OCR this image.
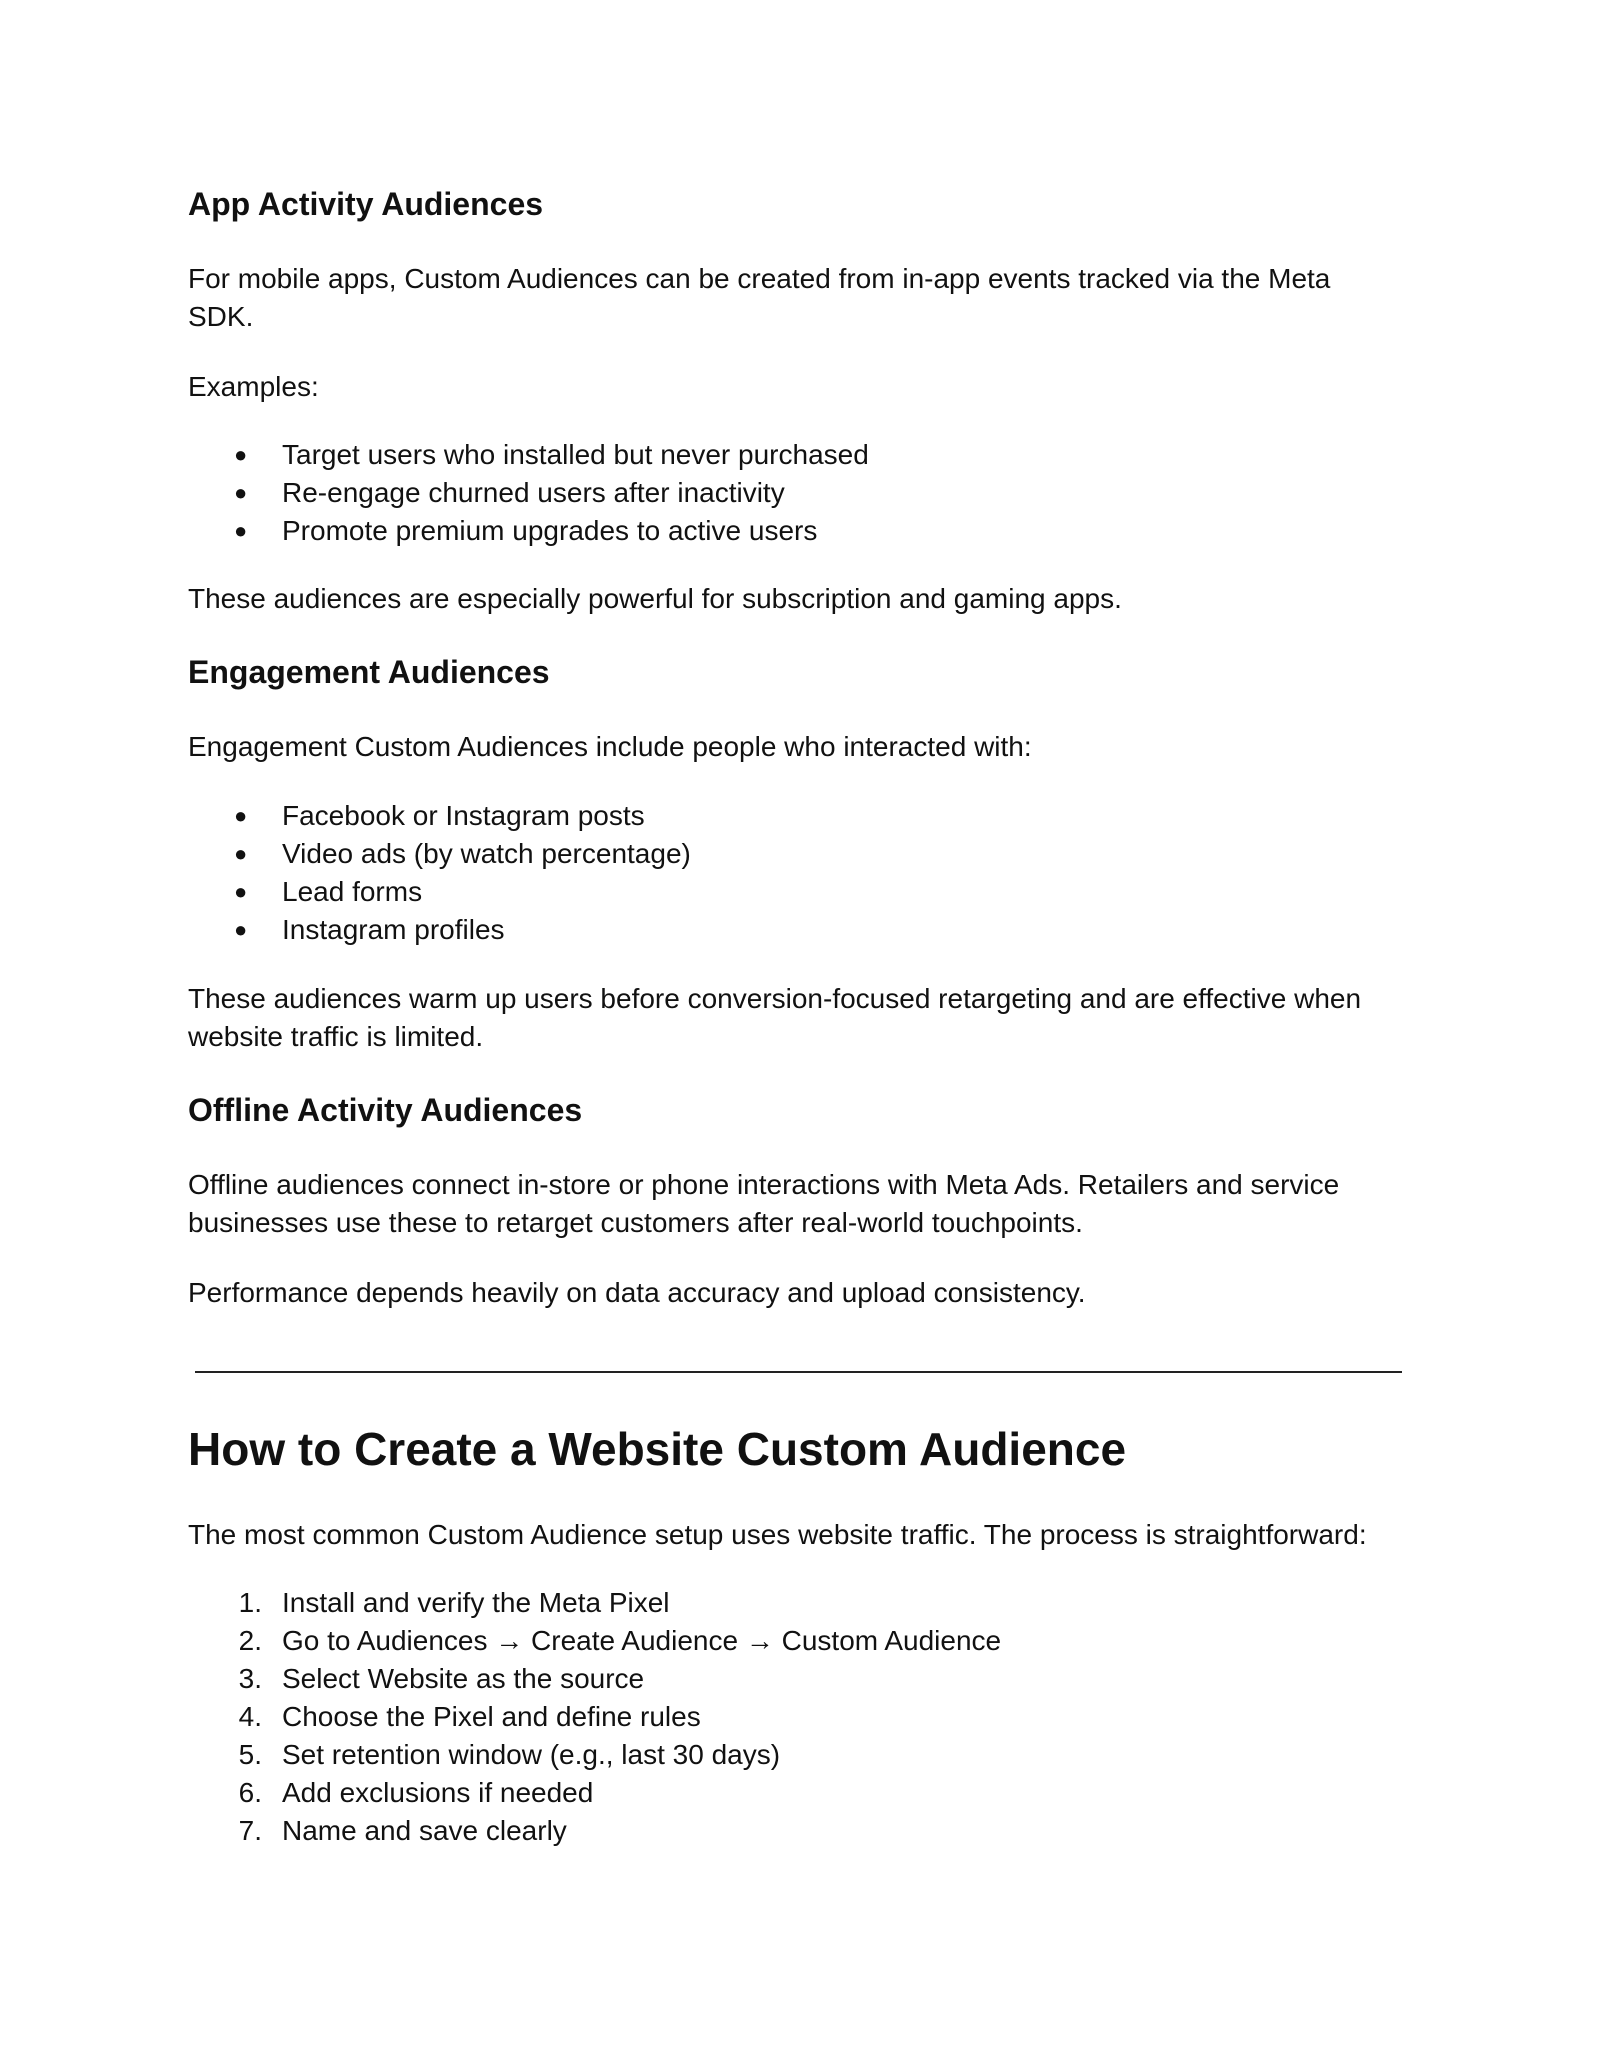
App Activity Audiences
For mobile apps, Custom Audiences can be created from in-app events tracked via the Meta
SDK.
Examples:
● Target users who installed but never purchased
● Re-engage churned users after inactivity
● Promote premium upgrades to active users
These audiences are especially powerful for subscription and gaming apps.
Engagement Audiences
Engagement Custom Audiences include people who interacted with:
● Facebook or Instagram posts
● Video ads (by watch percentage)
● Lead forms
● Instagram profiles
These audiences warm up users before conversion-focused retargeting and are effective when
website traffic is limited.
Offline Activity Audiences
Offline audiences connect in-store or phone interactions with Meta Ads. Retailers and service
businesses use these to retarget customers after real-world touchpoints.
Performance depends heavily on data accuracy and upload consistency.
How to Create a Website Custom Audience
The most common Custom Audience setup uses website traffic. The process is straightforward:
1. Install and verify the Meta Pixel
2. Go to Audiences → Create Audience → Custom Audience
3. Select Website as the source
4. Choose the Pixel and define rules
5. Set retention window (e.g., last 30 days)
6. Add exclusions if needed
7. Name and save clearly
